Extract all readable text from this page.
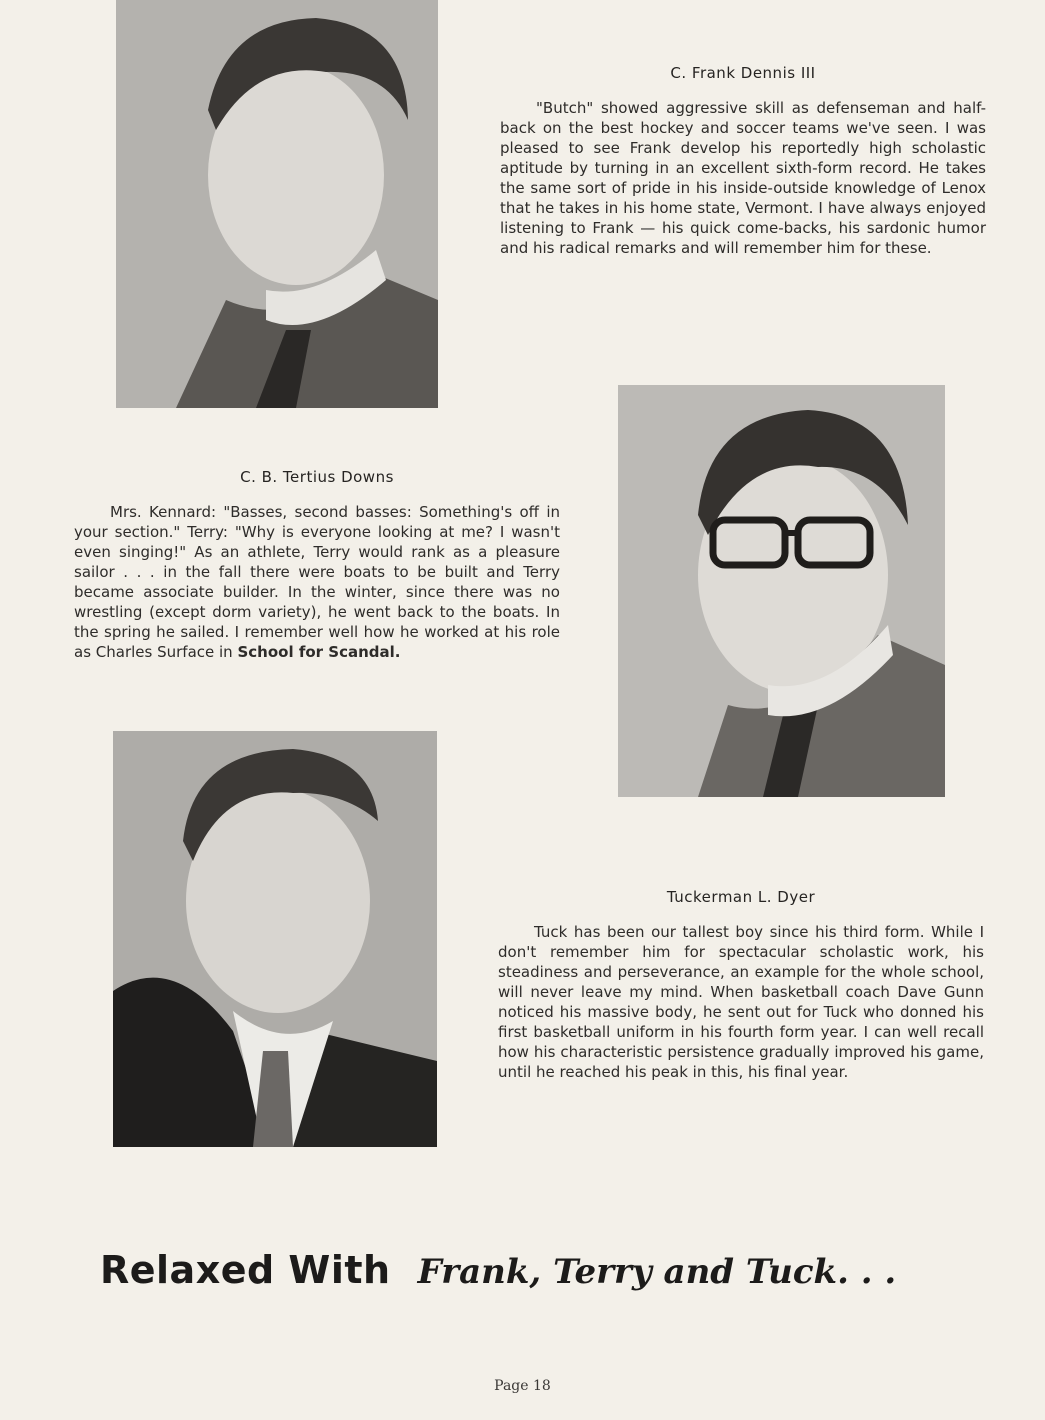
C. Frank Dennis III

"Butch" showed aggressive skill as defenseman and half-back on the best hockey and soccer teams we've seen. I was pleased to see Frank develop his reportedly high scholastic aptitude by turning in an excellent sixth-form record. He takes the same sort of pride in his inside-outside knowledge of Lenox that he takes in his home state, Vermont. I have always enjoyed listening to Frank — his quick come-backs, his sardonic humor and his radical remarks and will remember him for these.

C. B. Tertius Downs

Mrs. Kennard: "Basses, second basses: Something's off in your section." Terry: "Why is everyone looking at me? I wasn't even singing!" As an athlete, Terry would rank as a pleasure sailor . . . in the fall there were boats to be built and Terry became associate builder. In the winter, since there was no wrestling (except dorm variety), he went back to the boats. In the spring he sailed. I remember well how he worked at his role as Charles Surface in School for Scandal.

Tuckerman L. Dyer

Tuck has been our tallest boy since his third form. While I don't remember him for spectacular scholastic work, his steadiness and perseverance, an example for the whole school, will never leave my mind. When basketball coach Dave Gunn noticed his massive body, he sent out for Tuck who donned his first basketball uniform in his fourth form year. I can well recall how his characteristic persistence gradually improved his game, until he reached his peak in this, his final year.

Relaxed With Frank, Terry and Tuck. . .
Page 18
